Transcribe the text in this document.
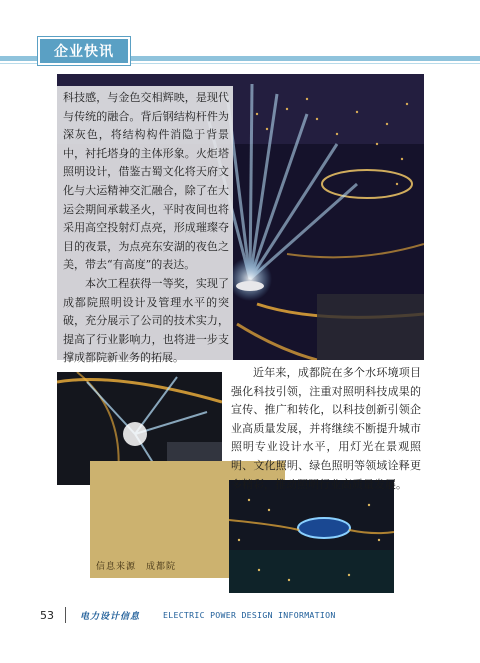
企业快讯

科技感，与金色交相辉映，是现代与传统的融合。背后钢结构杆件为深灰色，将结构构件消隐于背景中，衬托塔身的主体形象。火炬塔照明设计，借鉴古蜀文化将天府文化与大运精神交汇融合，除了在大运会期间承载圣火，平时夜间也将采用高空投射灯点亮，形成璀璨夺目的夜景，为点亮东安湖的夜色之美，带去“有高度”的表达。

本次工程获得一等奖，实现了成都院照明设计及管理水平的突破，充分展示了公司的技术实力，提高了行业影响力，也将进一步支撑成都院新业务的拓展。

信息来源　成都院

近年来，成都院在多个水环境项目强化科技引领，注重对照明科技成果的宣传、推广和转化，以科技创新引领企业高质量发展，并将继续不断提升城市照明专业设计水平，用灯光在景观照明、文化照明、绿色照明等领域诠释更多精彩，推动照明行业高质量发展。

53	电力设计信息	ELECTRIC POWER DESIGN INFORMATION
